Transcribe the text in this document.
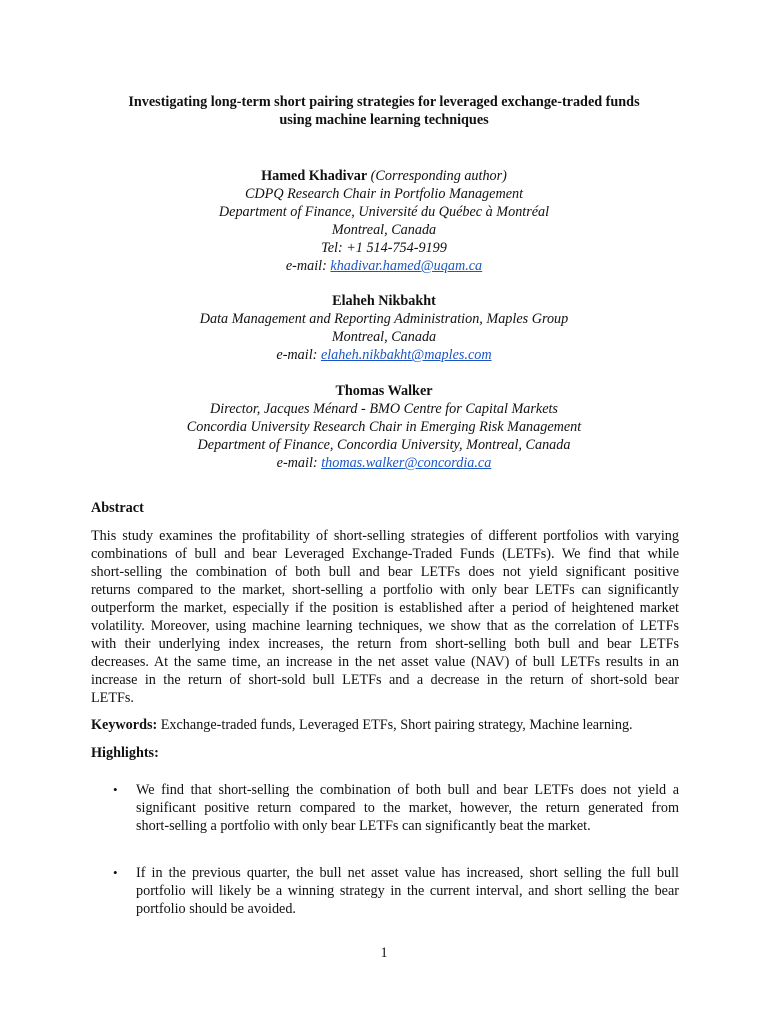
Investigating long-term short pairing strategies for leveraged exchange-traded funds
using machine learning techniques
Hamed Khadivar (Corresponding author)
CDPQ Research Chair in Portfolio Management
Department of Finance, Université du Québec à Montréal
Montreal, Canada
Tel: +1 514-754-9199
e-mail: khadivar.hamed@uqam.ca
Elaheh Nikbakht
Data Management and Reporting Administration, Maples Group
Montreal, Canada
e-mail: elaheh.nikbakht@maples.com
Thomas Walker
Director, Jacques Ménard - BMO Centre for Capital Markets
Concordia University Research Chair in Emerging Risk Management
Department of Finance, Concordia University, Montreal, Canada
e-mail: thomas.walker@concordia.ca
Abstract
This study examines the profitability of short-selling strategies of different portfolios with varying
combinations of bull and bear Leveraged Exchange-Traded Funds (LETFs). We find that while
short-selling the combination of both bull and bear LETFs does not yield significant positive
returns compared to the market, short-selling a portfolio with only bear LETFs can significantly
outperform the market, especially if the position is established after a period of heightened market
volatility. Moreover, using machine learning techniques, we show that as the correlation of LETFs
with their underlying index increases, the return from short-selling both bull and bear LETFs
decreases. At the same time, an increase in the net asset value (NAV) of bull LETFs results in an
increase in the return of short-sold bull LETFs and a decrease in the return of short-sold bear
LETFs.
Keywords: Exchange-traded funds, Leveraged ETFs, Short pairing strategy, Machine learning.
Highlights:
• We find that short-selling the combination of both bull and bear LETFs does not yield a
significant positive return compared to the market, however, the return generated from
short-selling a portfolio with only bear LETFs can significantly beat the market.
• If in the previous quarter, the bull net asset value has increased, short selling the full bull
portfolio will likely be a winning strategy in the current interval, and short selling the bear
portfolio should be avoided.
1
